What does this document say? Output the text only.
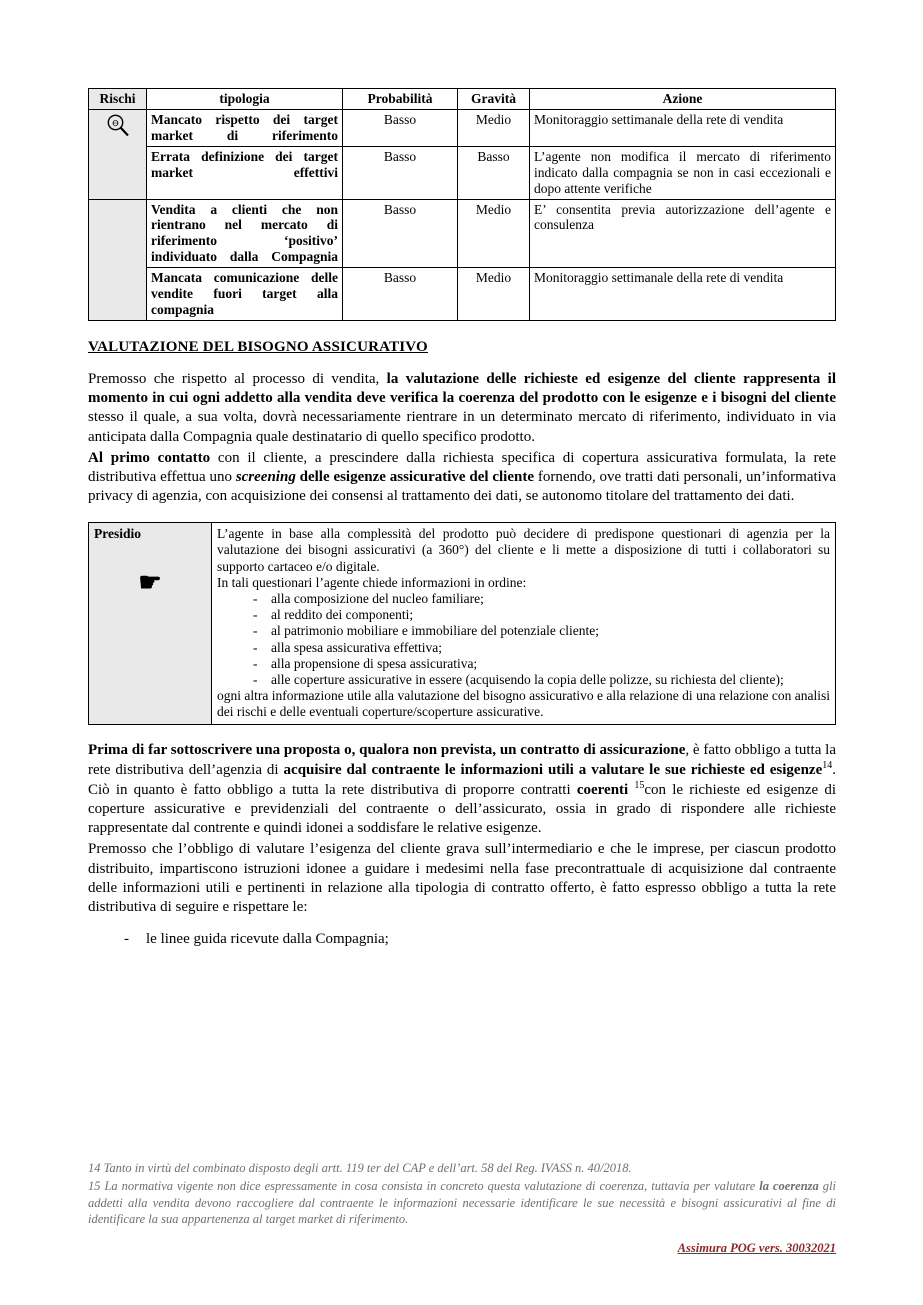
Rischi	tipologia	Probabilità	Gravità	Azione

Ꝋ	Mancato rispetto dei target market di riferimento	Basso	Medio	Monitoraggio settimanale della rete di vendita
	Errata definizione dei target market effettivi	Basso	Basso	L’agente non modifica il mercato di riferimento indicato dalla compagnia se non in casi eccezionali e dopo attente verifiche
	Vendita a clienti che non rientrano nel mercato di riferimento ‘positivo’ individuato dalla Compagnia	Basso	Medio	E’ consentita previa autorizzazione dell’agente e consulenza
	Mancata comunicazione delle vendite fuori target alla compagnia	Basso	Medio	Monitoraggio settimanale della rete di vendita
VALUTAZIONE DEL BISOGNO ASSICURATIVO

Premosso che rispetto al processo di vendita, la valutazione delle richieste ed esigenze del cliente rappresenta il momento in cui ogni addetto alla vendita deve verifica la coerenza del prodotto con le esigenze e i bisogni del cliente stesso il quale, a sua volta, dovrà necessariamente rientrare in un determinato mercato di riferimento, individuato in via anticipata dalla Compagnia quale destinatario di quello specifico prodotto.

Al primo contatto con il cliente, a prescindere dalla richiesta specifica di copertura assicurativa formulata, la rete distributiva effettua uno screening delle esigenze assicurative del cliente fornendo, ove tratti dati personali, un’informativa privacy di agenzia, con acquisizione dei consensi al trattamento dei dati, se autonomo titolare del trattamento dei dati.

Presidio
☛

L’agente in base alla complessità del prodotto può decidere di predispone questionari di agenzia per la valutazione dei bisogni assicurativi (a 360°) del cliente e li mette a disposizione di tutti i collaboratori su supporto cartaceo e/o digitale.
In tali questionari l’agente chiede informazioni in ordine:
- alla composizione del nucleo familiare;
- al reddito dei componenti;
- al patrimonio mobiliare e immobiliare del potenziale cliente;
- alla spesa assicurativa effettiva;
- alla propensione di spesa assicurativa;
- alle coperture assicurative in essere (acquisendo la copia delle polizze, su richiesta del cliente);
ogni altra informazione utile alla valutazione del bisogno assicurativo e alla relazione di una relazione con analisi dei rischi e delle eventuali coperture/scoperture assicurative.

Prima di far sottoscrivere una proposta o, qualora non prevista, un contratto di assicurazione, è fatto obbligo a tutta la rete distributiva dell’agenzia di acquisire dal contraente le informazioni utili a valutare le sue richieste ed esigenze$^{14}$. Ciò in quanto è fatto obbligo a tutta la rete distributiva di proporre contratti coerenti $^{15}$con le richieste ed esigenze di coperture assicurative e previdenziali del contraente o dell’assicurato, ossia in grado di rispondere alle richieste rappresentate dal contrente e quindi idonei a soddisfare le relative esigenze.

Premosso che l’obbligo di valutare l’esigenza del cliente grava sull’intermediario e che le imprese, per ciascun prodotto distribuito, impartiscono istruzioni idonee a guidare i medesimi nella fase precontrattuale di acquisizione dal contraente delle informazioni utili e pertinenti in relazione alla tipologia di contratto offerto, è fatto espresso obbligo a tutta la rete distributiva di seguire e rispettare le:

- le linee guida ricevute dalla Compagnia;
14 Tanto in virtù del combinato disposto degli artt. 119 ter del CAP e dell’art. 58 del Reg. IVASS n. 40/2018.
15 La normativa vigente non dice espressamente in cosa consista in concreto questa valutazione di coerenza, tuttavia per valutare la coerenza gli addetti alla vendita devono raccogliere dal contraente le informazioni necessarie identificare le sue necessità e bisogni assicurativi al fine di identificare la sua appartenenza al target market di riferimento.
Assimura POG vers. 30032021
